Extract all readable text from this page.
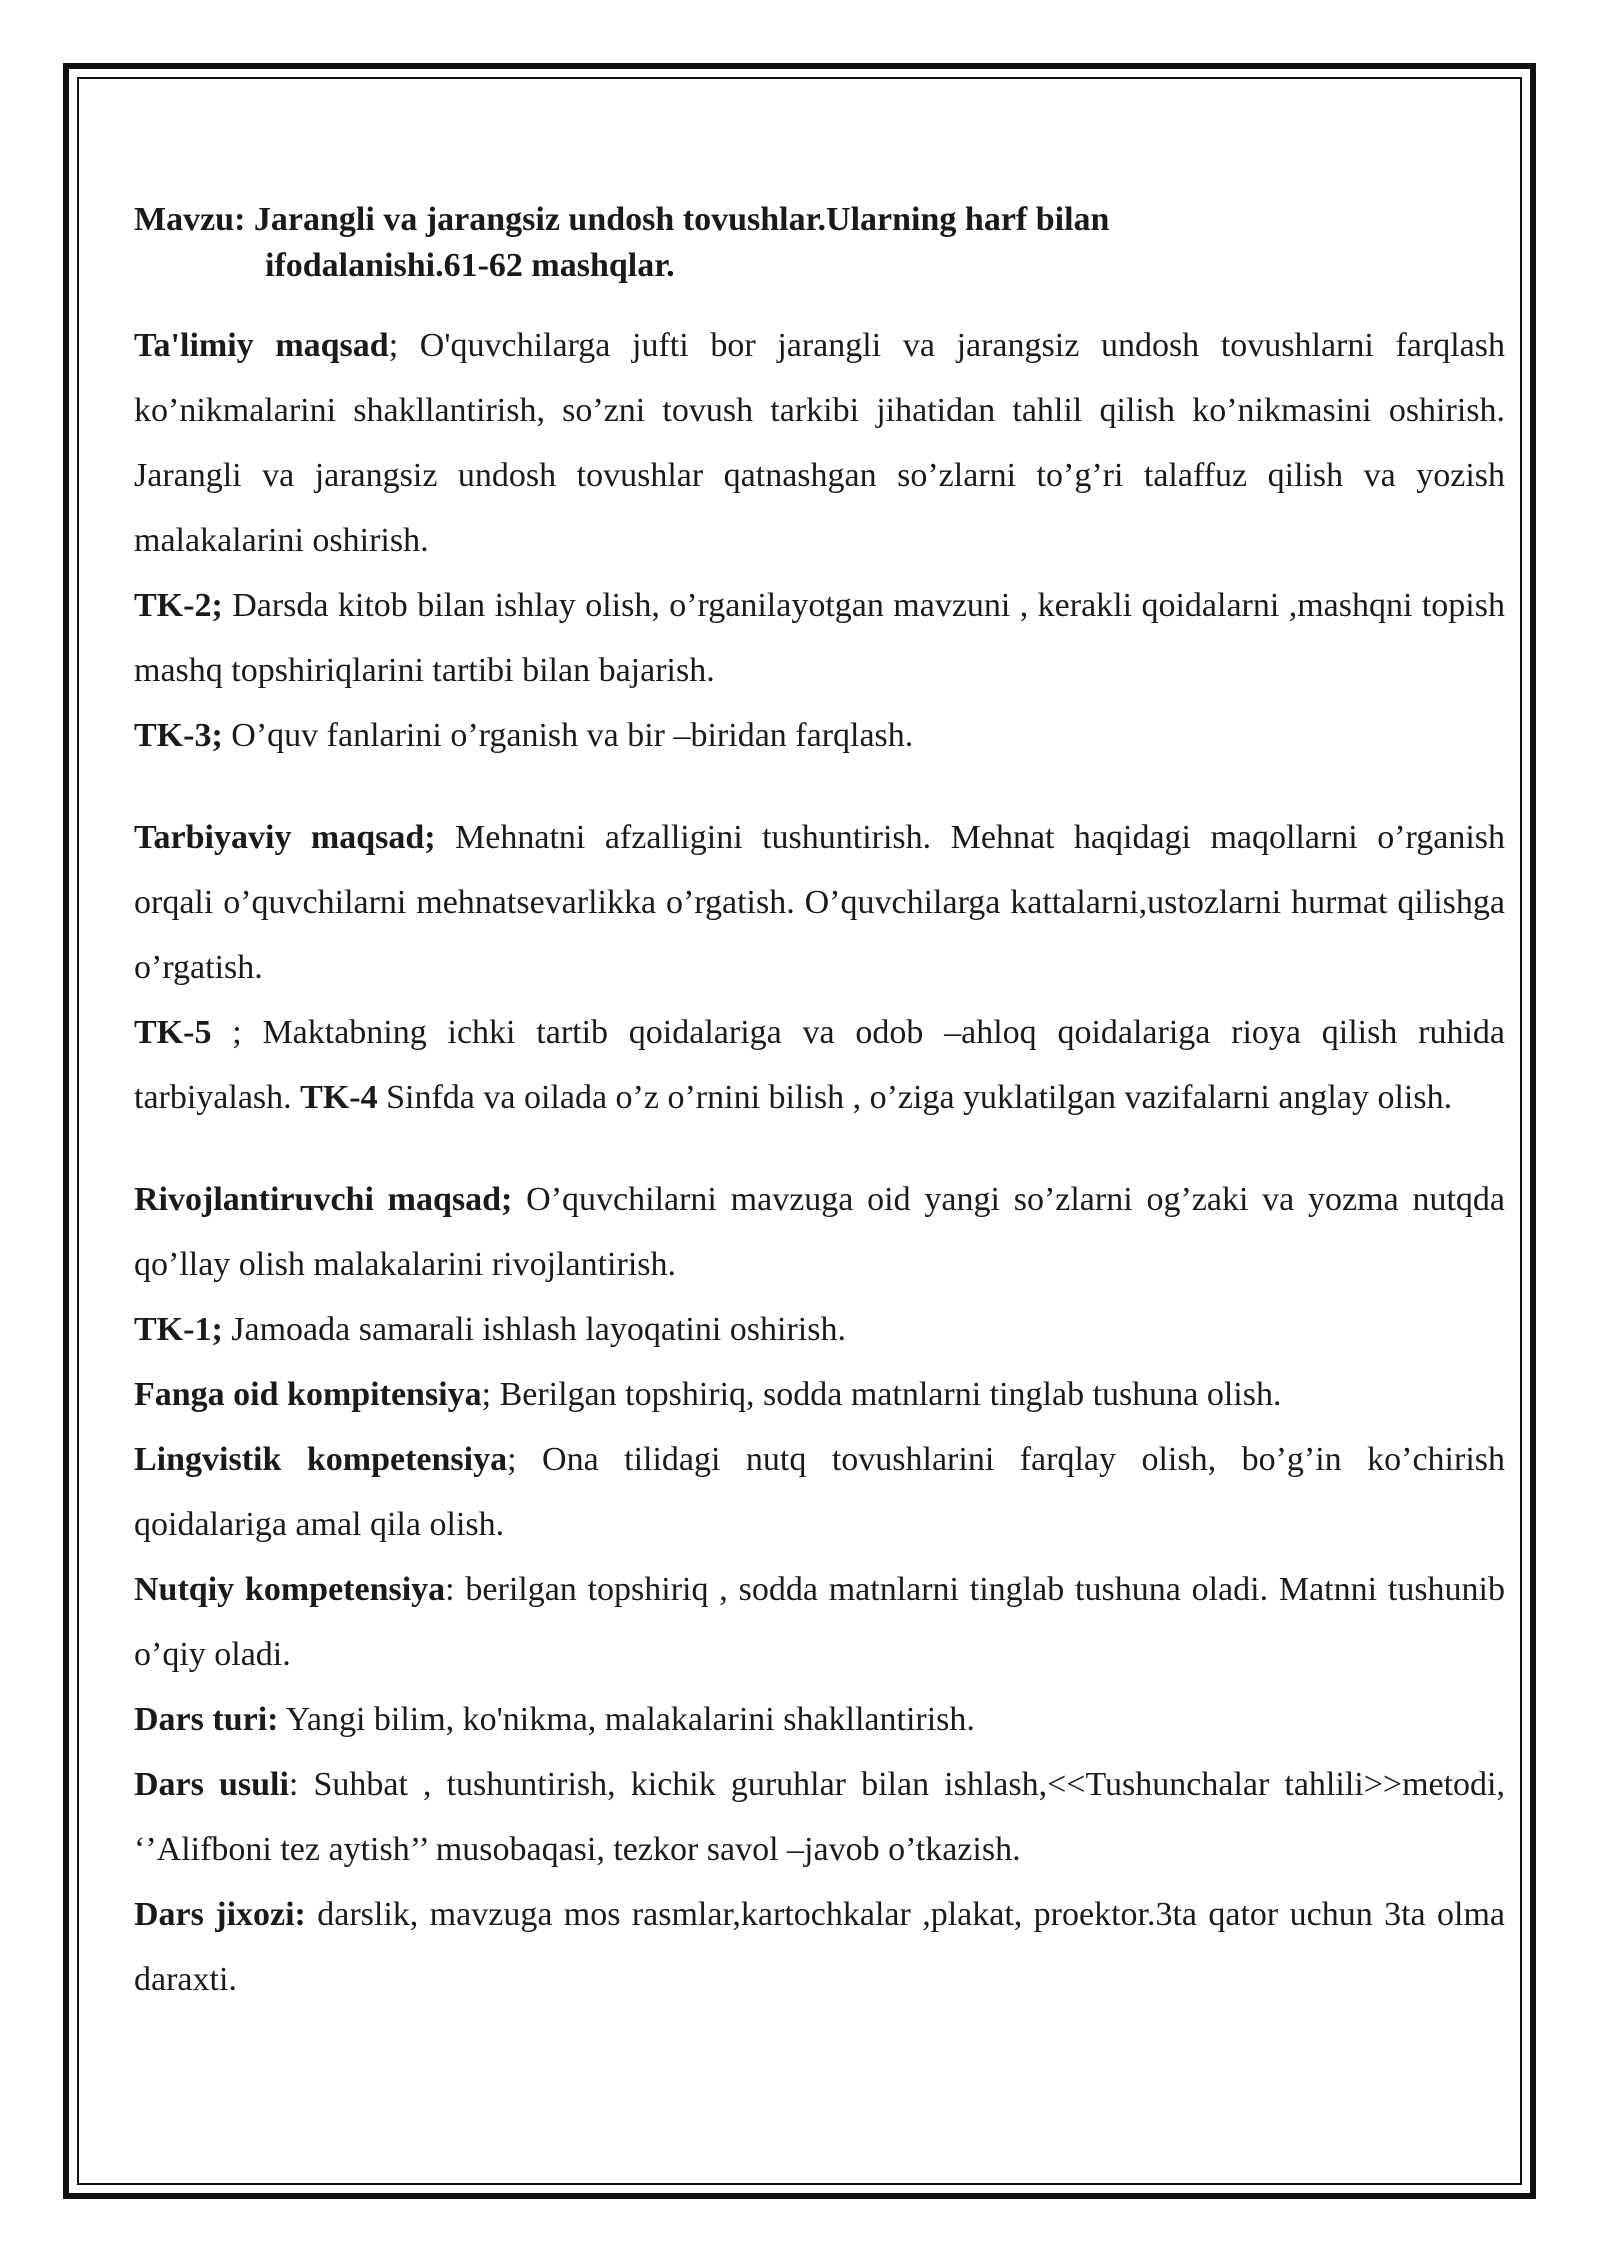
Mavzu: Jarangli va jarangsiz undosh tovushlar.Ularning harf bilan
ifodalanishi.61-62 mashqlar.

Ta'limiy maqsad; O'quvchilarga jufti bor jarangli va jarangsiz undosh tovushlarni farqlash ko’nikmalarini shakllantirish, so’zni tovush tarkibi jihatidan tahlil qilish ko’nikmasini oshirish. Jarangli va jarangsiz undosh tovushlar qatnashgan so’zlarni to’g’ri talaffuz qilish va yozish malakalarini oshirish.

TK-2; Darsda kitob bilan ishlay olish, o’rganilayotgan mavzuni , kerakli qoidalarni ,mashqni topish mashq topshiriqlarini tartibi bilan bajarish.

TK-3; O’quv fanlarini o’rganish va bir –biridan farqlash.

Tarbiyaviy maqsad; Mehnatni afzalligini tushuntirish. Mehnat haqidagi maqollarni o’rganish orqali o’quvchilarni mehnatsevarlikka o’rgatish. O’quvchilarga kattalarni,ustozlarni hurmat qilishga o’rgatish.

TK-5 ; Maktabning ichki tartib qoidalariga va odob –ahloq qoidalariga rioya qilish ruhida tarbiyalash. TK-4 Sinfda va oilada o’z o’rnini bilish , o’ziga yuklatilgan vazifalarni anglay olish.

Rivojlantiruvchi maqsad; O’quvchilarni mavzuga oid yangi so’zlarni og’zaki va yozma nutqda qo’llay olish malakalarini rivojlantirish.

TK-1; Jamoada samarali ishlash layoqatini oshirish.

Fanga oid kompitensiya; Berilgan topshiriq, sodda matnlarni tinglab tushuna olish.

Lingvistik kompetensiya; Ona tilidagi nutq tovushlarini farqlay olish, bo’g’in ko’chirish qoidalariga amal qila olish.

Nutqiy kompetensiya: berilgan topshiriq , sodda matnlarni tinglab tushuna oladi. Matnni tushunib o’qiy oladi.

Dars turi: Yangi bilim, ko'nikma, malakalarini shakllantirish.

Dars usuli: Suhbat , tushuntirish, kichik guruhlar bilan ishlash,<<Tushunchalar tahlili>>metodi, ‘’Alifboni tez aytish’’ musobaqasi, tezkor savol –javob o’tkazish.

Dars jixozi: darslik, mavzuga mos rasmlar,kartochkalar ,plakat, proektor.3ta qator uchun 3ta olma daraxti.
